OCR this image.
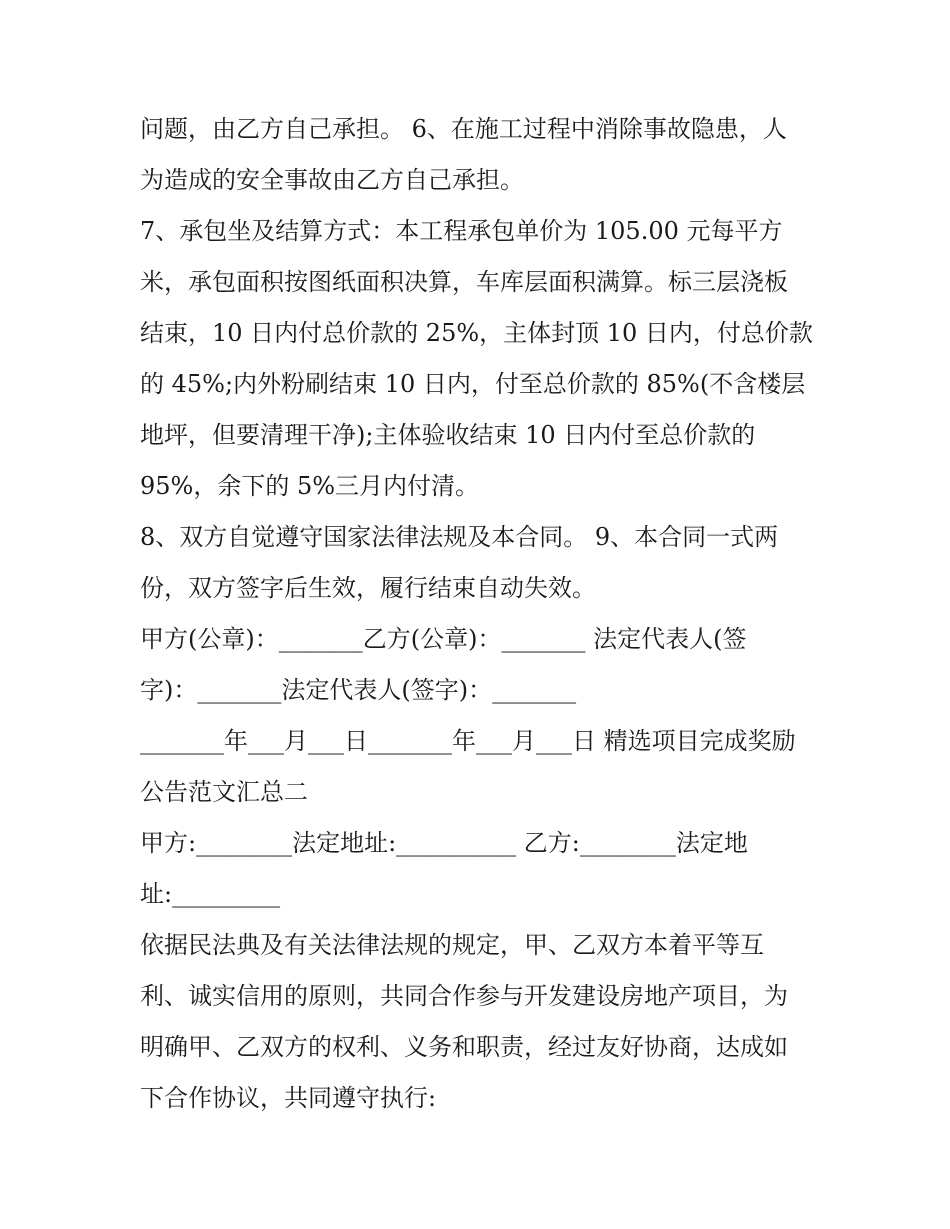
问题，由乙方自己承担。 6、在施工过程中消除事故隐患，人
为造成的安全事故由乙方自己承担。
7、承包坐及结算方式：本工程承包单价为 105.00 元每平方
米，承包面积按图纸面积决算，车库层面积满算。标三层浇板
结束，10 日内付总价款的 25%，主体封顶 10 日内，付总价款
的 45%;内外粉刷结束 10 日内，付至总价款的 85%(不含楼层
地坪，但要清理干净);主体验收结束 10 日内付至总价款的
95%，余下的 5%三月内付清。
8、双方自觉遵守国家法律法规及本合同。 9、本合同一式两
份，双方签字后生效，履行结束自动失效。
甲方(公章)：_______乙方(公章)：_______ 法定代表人(签
字)：_______法定代表人(签字)：_______
_______年___月___日_______年___月___日 精选项目完成奖励
公告范文汇总二
甲方:________法定地址:__________ 乙方:________法定地
址:_________
依据民法典及有关法律法规的规定，甲、乙双方本着平等互
利、诚实信用的原则，共同合作参与开发建设房地产项目，为
明确甲、乙双方的权利、义务和职责，经过友好协商，达成如
下合作协议，共同遵守执行:
